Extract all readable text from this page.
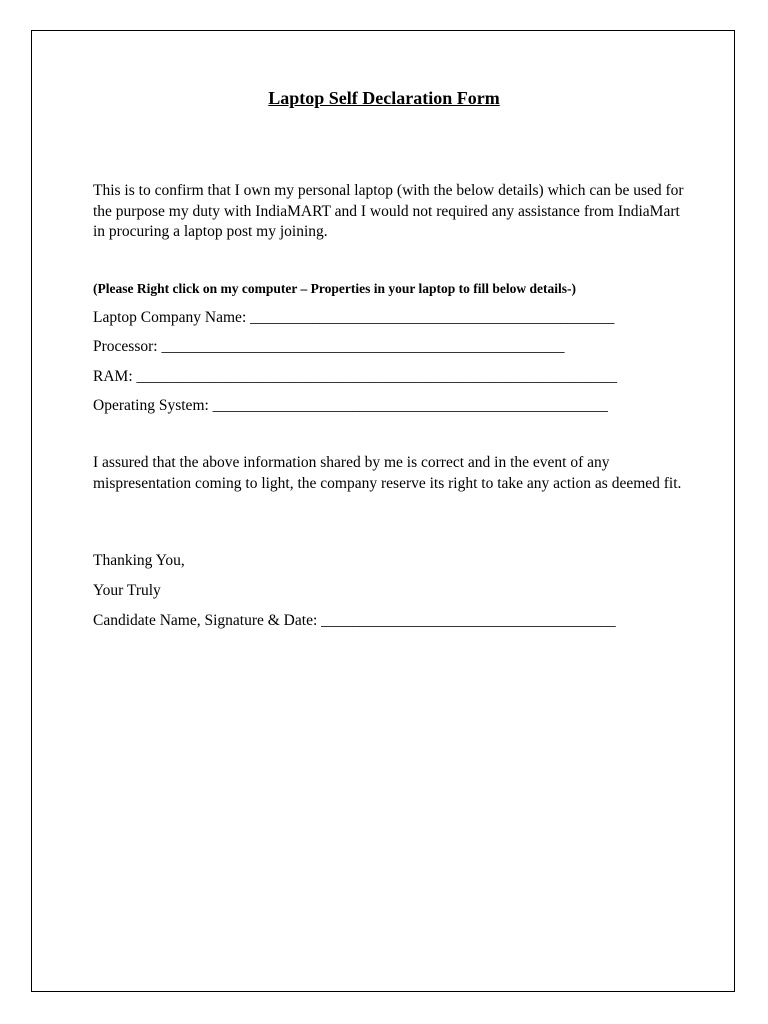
Laptop Self Declaration Form

This is to confirm that I own my personal laptop (with the below details) which can be used for the purpose my duty with IndiaMART and I would not required any assistance from IndiaMart in procuring a laptop post my joining.

(Please Right click on my computer – Properties in your laptop to fill below details-)

Laptop Company Name: _______________________________________________
Processor: ____________________________________________________
RAM: ______________________________________________________________
Operating System: ___________________________________________________

I assured that the above information shared by me is correct and in the event of any mispresentation coming to light, the company reserve its right to take any action as deemed fit.

Thanking You,
Your Truly
Candidate Name, Signature & Date: ______________________________________
